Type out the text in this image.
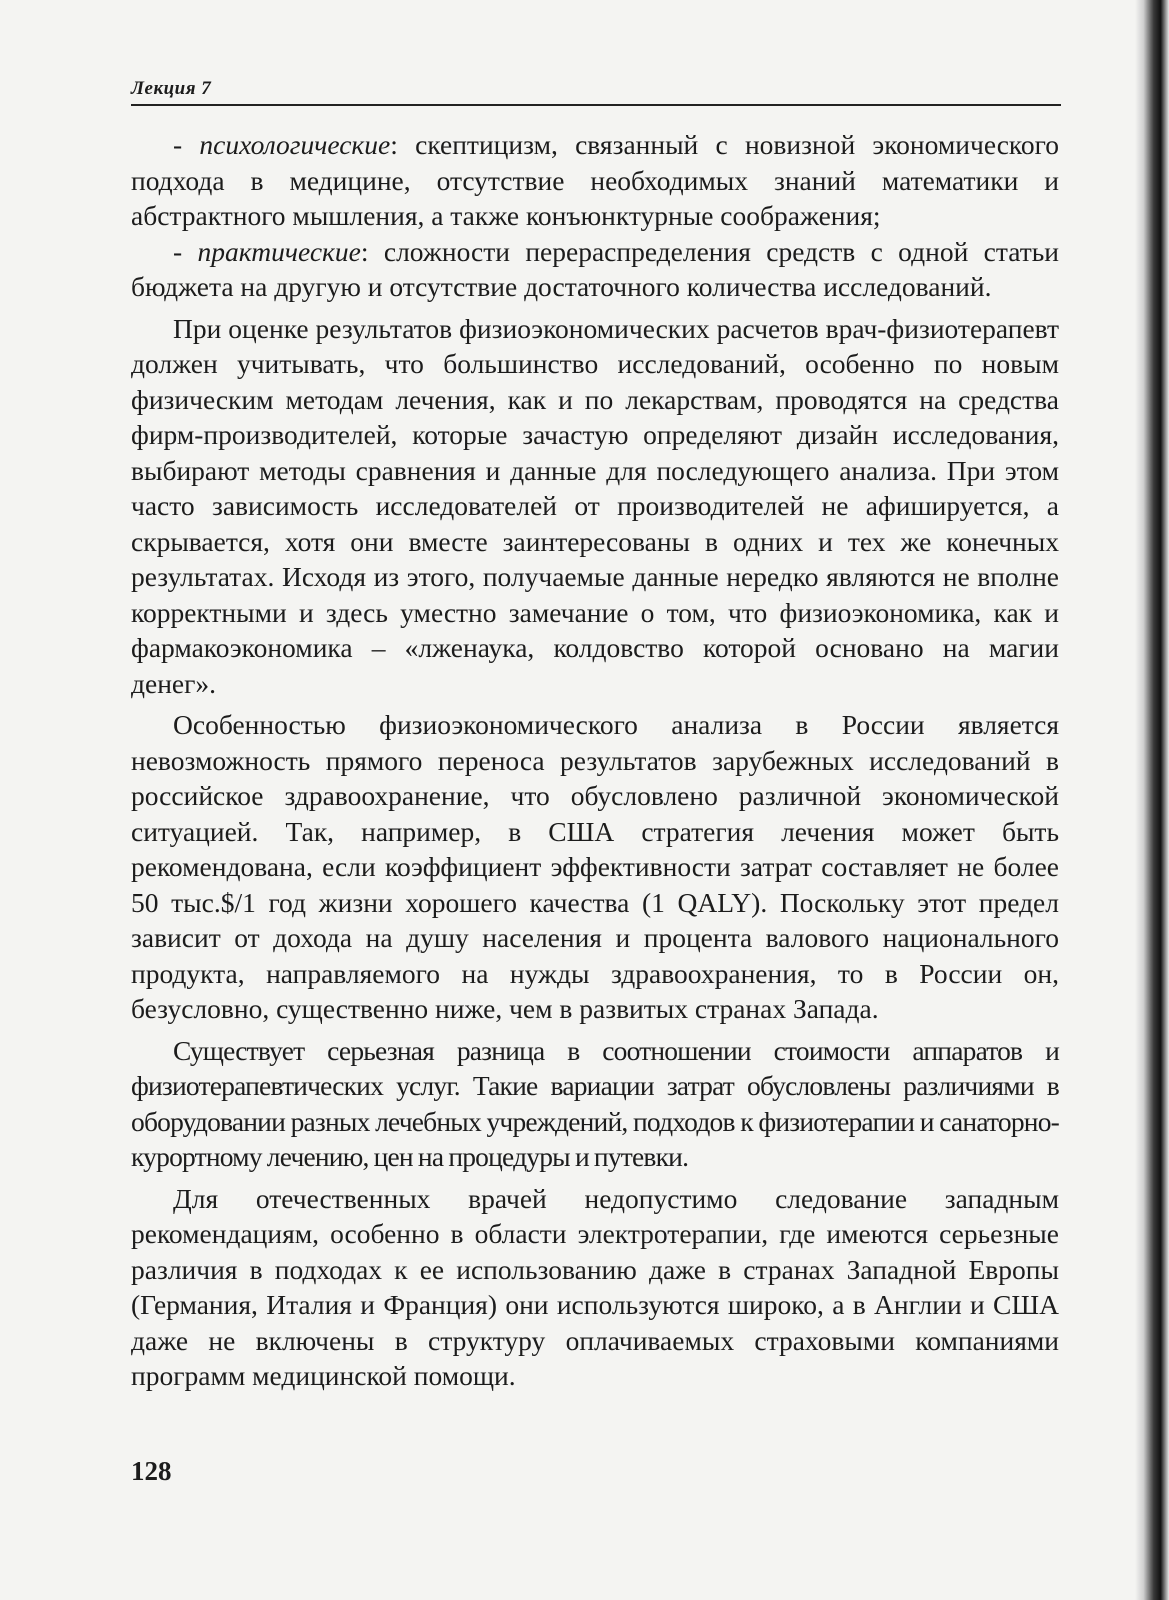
Лекция 7

- психологические: скептицизм, связанный с новизной экономического подхода в медицине, отсутствие необходимых знаний математики и абстрактного мышления, а также конъюнктурные соображения;

- практические: сложности перераспределения средств с одной статьи бюджета на другую и отсутствие достаточного количества исследований.

При оценке результатов физиоэкономических расчетов врач-физиотерапевт должен учитывать, что большинство исследований, особенно по новым физическим методам лечения, как и по лекарствам, проводятся на средства фирм-производителей, которые зачастую определяют дизайн исследования, выбирают методы сравнения и данные для последующего анализа. При этом часто зависимость исследователей от производителей не афишируется, а скрывается, хотя они вместе заинтересованы в одних и тех же конечных результатах. Исходя из этого, получаемые данные нередко являются не вполне корректными и здесь уместно замечание о том, что физиоэкономика, как и фармакоэкономика – «лженаука, колдовство которой основано на магии денег».

Особенностью физиоэкономического анализа в России является невозможность прямого переноса результатов зарубежных исследований в российское здравоохранение, что обусловлено различной экономической ситуацией. Так, например, в США стратегия лечения может быть рекомендована, если коэффициент эффективности затрат составляет не более 50 тыс.$/1 год жизни хорошего качества (1 QALY). Поскольку этот предел зависит от дохода на душу населения и процента валового национального продукта, направляемого на нужды здравоохранения, то в России он, безусловно, существенно ниже, чем в развитых странах Запада.

Существует серьезная разница в соотношении стоимости аппаратов и физиотерапевтических услуг. Такие вариации затрат обусловлены различиями в оборудовании разных лечебных учреждений, подходов к физиотерапии и санаторно-курортному лечению, цен на процедуры и путевки.

Для отечественных врачей недопустимо следование западным рекомендациям, особенно в области электротерапии, где имеются серьезные различия в подходах к ее использованию даже в странах Западной Европы (Германия, Италия и Франция) они используются широко, а в Англии и США даже не включены в структуру оплачиваемых страховыми компаниями программ медицинской помощи.

128
